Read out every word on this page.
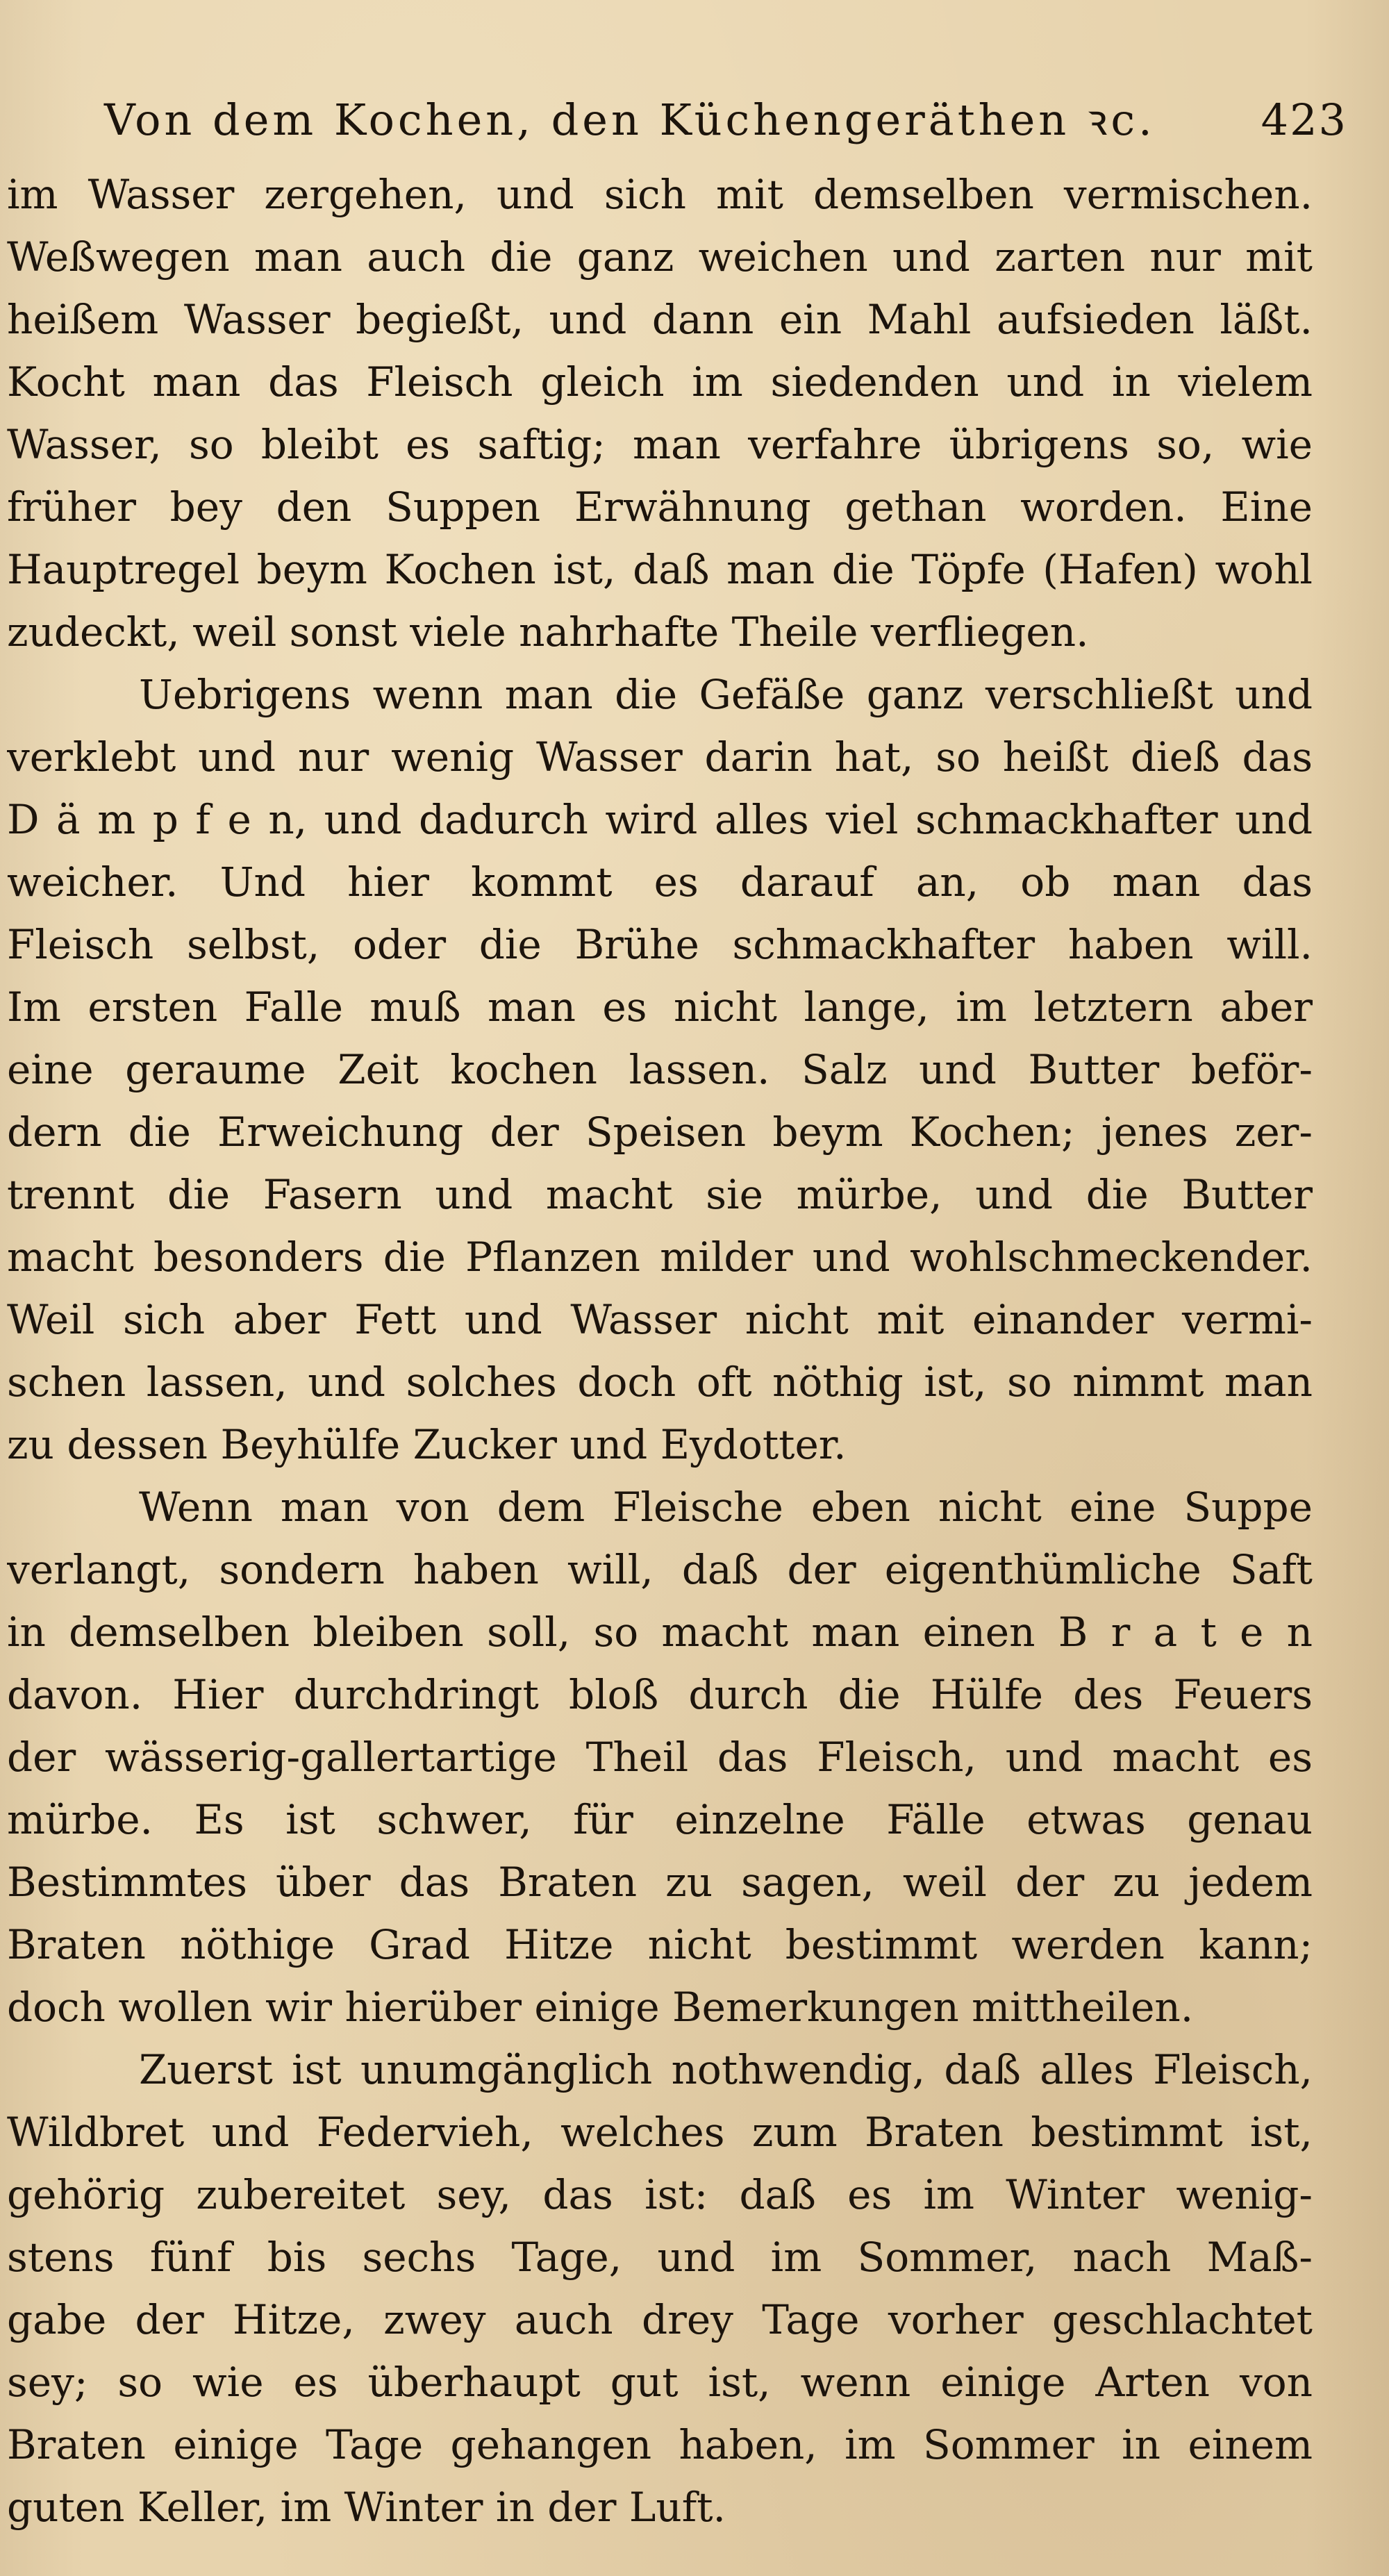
Von dem Kochen, den Küchengeräthen ꝛc. 423
im Wasser zergehen, und sich mit demselben vermischen.
Weßwegen man auch die ganz weichen und zarten nur mit
heißem Wasser begießt, und dann ein Mahl aufsieden läßt.
Kocht man das Fleisch gleich im siedenden und in vielem
Wasser, so bleibt es saftig; man verfahre übrigens so, wie
früher bey den Suppen Erwähnung gethan worden. Eine
Hauptregel beym Kochen ist, daß man die Töpfe (Hafen) wohl
zudeckt, weil sonst viele nahrhafte Theile verfliegen.
Uebrigens wenn man die Gefäße ganz verschließt und
verklebt und nur wenig Wasser darin hat, so heißt dieß das
D ä m p f e n, und dadurch wird alles viel schmackhafter und
weicher. Und hier kommt es darauf an, ob man das
Fleisch selbst, oder die Brühe schmackhafter haben will.
Im ersten Falle muß man es nicht lange, im letztern aber
eine geraume Zeit kochen lassen. Salz und Butter beför-
dern die Erweichung der Speisen beym Kochen; jenes zer-
trennt die Fasern und macht sie mürbe, und die Butter
macht besonders die Pflanzen milder und wohlschmeckender.
Weil sich aber Fett und Wasser nicht mit einander vermi-
schen lassen, und solches doch oft nöthig ist, so nimmt man
zu dessen Beyhülfe Zucker und Eydotter.
Wenn man von dem Fleische eben nicht eine Suppe
verlangt, sondern haben will, daß der eigenthümliche Saft
in demselben bleiben soll, so macht man einen B r a t e n
davon. Hier durchdringt bloß durch die Hülfe des Feuers
der wässerig-gallertartige Theil das Fleisch, und macht es
mürbe. Es ist schwer, für einzelne Fälle etwas genau
Bestimmtes über das Braten zu sagen, weil der zu jedem
Braten nöthige Grad Hitze nicht bestimmt werden kann;
doch wollen wir hierüber einige Bemerkungen mittheilen.
Zuerst ist unumgänglich nothwendig, daß alles Fleisch,
Wildbret und Federvieh, welches zum Braten bestimmt ist,
gehörig zubereitet sey, das ist: daß es im Winter wenig-
stens fünf bis sechs Tage, und im Sommer, nach Maß-
gabe der Hitze, zwey auch drey Tage vorher geschlachtet
sey; so wie es überhaupt gut ist, wenn einige Arten von
Braten einige Tage gehangen haben, im Sommer in einem
guten Keller, im Winter in der Luft.
